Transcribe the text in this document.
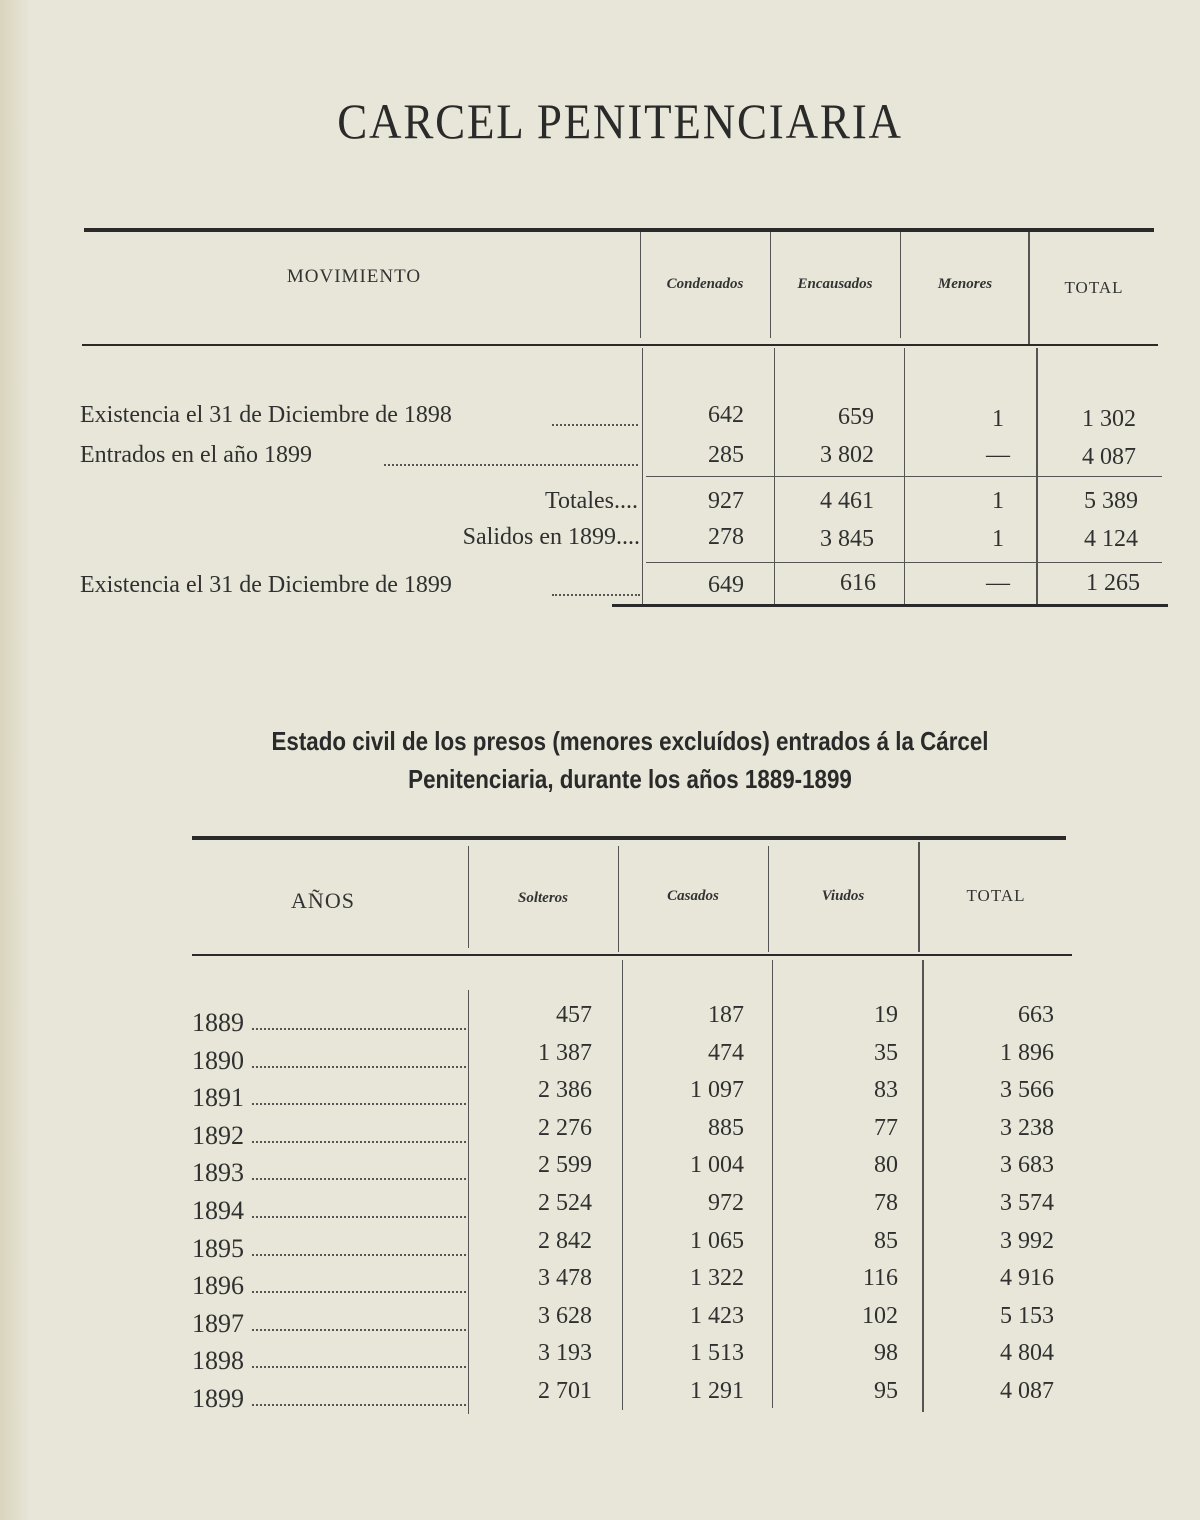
CARCEL PENITENCIARIA
MOVIMIENTO	Condenados	Encausados	Menores	TOTAL
Existencia el 31 de Diciembre de 1898	642	659	1	1 302
Entrados en el año 1899	285	3 802	—	4 087
Totales....	927	4 461	1	5 389
Salidos en 1899....	278	3 845	1	4 124
Existencia el 31 de Diciembre de 1899	649	616	—	1 265
Estado civil de los presos (menores excluídos) entrados á la Cárcel
Penitenciaria, durante los años 1889-1899
AÑOS	Solteros	Casados	Viudos	TOTAL
1889	457	187	19	663
1890	1 387	474	35	1 896
1891	2 386	1 097	83	3 566
1892	2 276	885	77	3 238
1893	2 599	1 004	80	3 683
1894	2 524	972	78	3 574
1895	2 842	1 065	85	3 992
1896	3 478	1 322	116	4 916
1897	3 628	1 423	102	5 153
1898	3 193	1 513	98	4 804
1899	2 701	1 291	95	4 087
